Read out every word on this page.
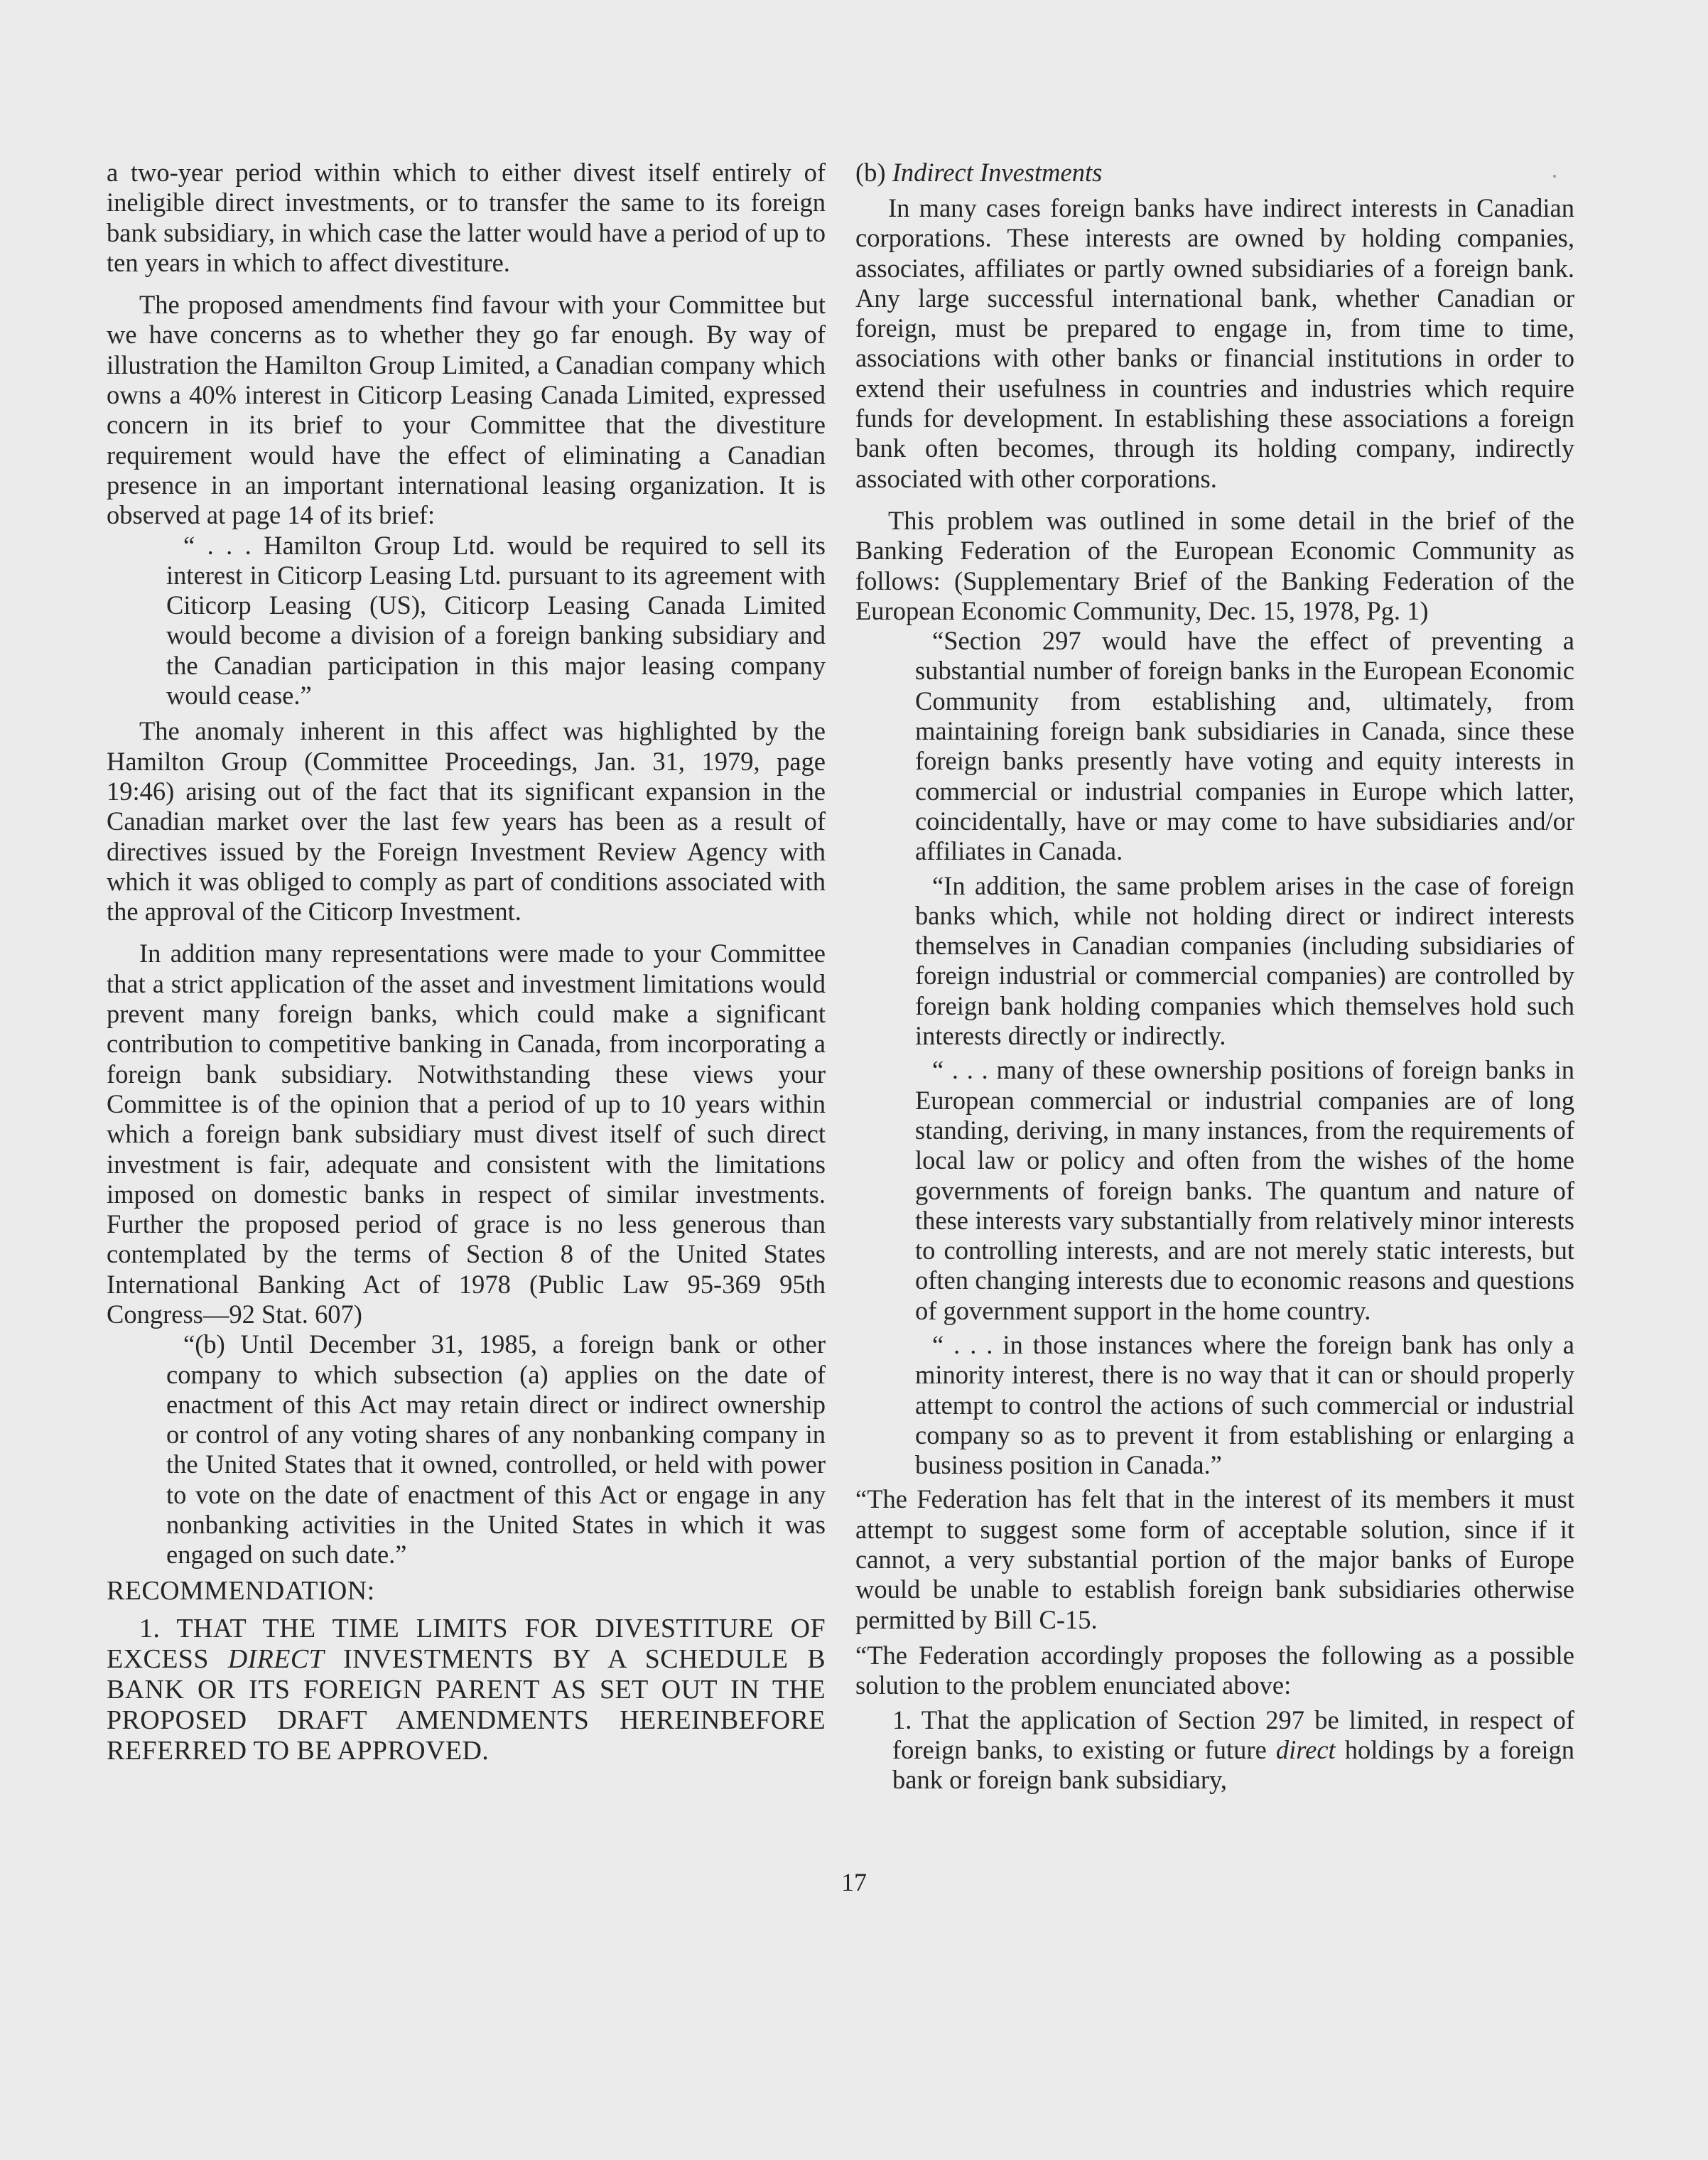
a two-year period within which to either divest itself entirely of ineligible direct investments, or to transfer the same to its foreign bank subsidiary, in which case the latter would have a period of up to ten years in which to affect divestiture.

The proposed amendments find favour with your Committee but we have concerns as to whether they go far enough. By way of illustration the Hamilton Group Limited, a Canadian company which owns a 40% interest in Citicorp Leasing Canada Limited, expressed concern in its brief to your Committee that the divestiture requirement would have the effect of eliminating a Canadian presence in an important international leasing organization. It is observed at page 14 of its brief:

“ . . . Hamilton Group Ltd. would be required to sell its interest in Citicorp Leasing Ltd. pursuant to its agreement with Citicorp Leasing (US), Citicorp Leasing Canada Limited would become a division of a foreign banking subsidiary and the Canadian participation in this major leasing company would cease.”

The anomaly inherent in this affect was highlighted by the Hamilton Group (Committee Proceedings, Jan. 31, 1979, page 19:46) arising out of the fact that its significant expansion in the Canadian market over the last few years has been as a result of directives issued by the Foreign Investment Review Agency with which it was obliged to comply as part of conditions associated with the approval of the Citicorp Investment.

In addition many representations were made to your Committee that a strict application of the asset and investment limitations would prevent many foreign banks, which could make a significant contribution to competitive banking in Canada, from incorporating a foreign bank subsidiary. Notwithstanding these views your Committee is of the opinion that a period of up to 10 years within which a foreign bank subsidiary must divest itself of such direct investment is fair, adequate and consistent with the limitations imposed on domestic banks in respect of similar investments. Further the proposed period of grace is no less generous than contemplated by the terms of Section 8 of the United States International Banking Act of 1978 (Public Law 95-369 95th Congress—92 Stat. 607)

“(b) Until December 31, 1985, a foreign bank or other company to which subsection (a) applies on the date of enactment of this Act may retain direct or indirect ownership or control of any voting shares of any nonbanking company in the United States that it owned, controlled, or held with power to vote on the date of enactment of this Act or engage in any nonbanking activities in the United States in which it was engaged on such date.”

RECOMMENDATION:

1. THAT THE TIME LIMITS FOR DIVESTITURE OF EXCESS DIRECT INVESTMENTS BY A SCHEDULE B BANK OR ITS FOREIGN PARENT AS SET OUT IN THE PROPOSED DRAFT AMENDMENTS HEREINBEFORE REFERRED TO BE APPROVED.

(b) Indirect Investments

In many cases foreign banks have indirect interests in Canadian corporations. These interests are owned by holding companies, associates, affiliates or partly owned subsidiaries of a foreign bank. Any large successful international bank, whether Canadian or foreign, must be prepared to engage in, from time to time, associations with other banks or financial institutions in order to extend their usefulness in countries and industries which require funds for development. In establishing these associations a foreign bank often becomes, through its holding company, indirectly associated with other corporations.

This problem was outlined in some detail in the brief of the Banking Federation of the European Economic Community as follows: (Supplementary Brief of the Banking Federation of the European Economic Community, Dec. 15, 1978, Pg. 1)

“Section 297 would have the effect of preventing a substantial number of foreign banks in the European Economic Community from establishing and, ultimately, from maintaining foreign bank subsidiaries in Canada, since these foreign banks presently have voting and equity interests in commercial or industrial companies in Europe which latter, coincidentally, have or may come to have subsidiaries and/or affiliates in Canada.

“In addition, the same problem arises in the case of foreign banks which, while not holding direct or indirect interests themselves in Canadian companies (including subsidiaries of foreign industrial or commercial companies) are controlled by foreign bank holding companies which themselves hold such interests directly or indirectly.

“ . . . many of these ownership positions of foreign banks in European commercial or industrial companies are of long standing, deriving, in many instances, from the requirements of local law or policy and often from the wishes of the home governments of foreign banks. The quantum and nature of these interests vary substantially from relatively minor interests to controlling interests, and are not merely static interests, but often changing interests due to economic reasons and questions of government support in the home country.

“ . . . in those instances where the foreign bank has only a minority interest, there is no way that it can or should properly attempt to control the actions of such commercial or industrial company so as to prevent it from establishing or enlarging a business position in Canada.”

“The Federation has felt that in the interest of its members it must attempt to suggest some form of acceptable solution, since if it cannot, a very substantial portion of the major banks of Europe would be unable to establish foreign bank subsidiaries otherwise permitted by Bill C-15.

“The Federation accordingly proposes the following as a possible solution to the problem enunciated above:

1. That the application of Section 297 be limited, in respect of foreign banks, to existing or future direct holdings by a foreign bank or foreign bank subsidiary,

17
